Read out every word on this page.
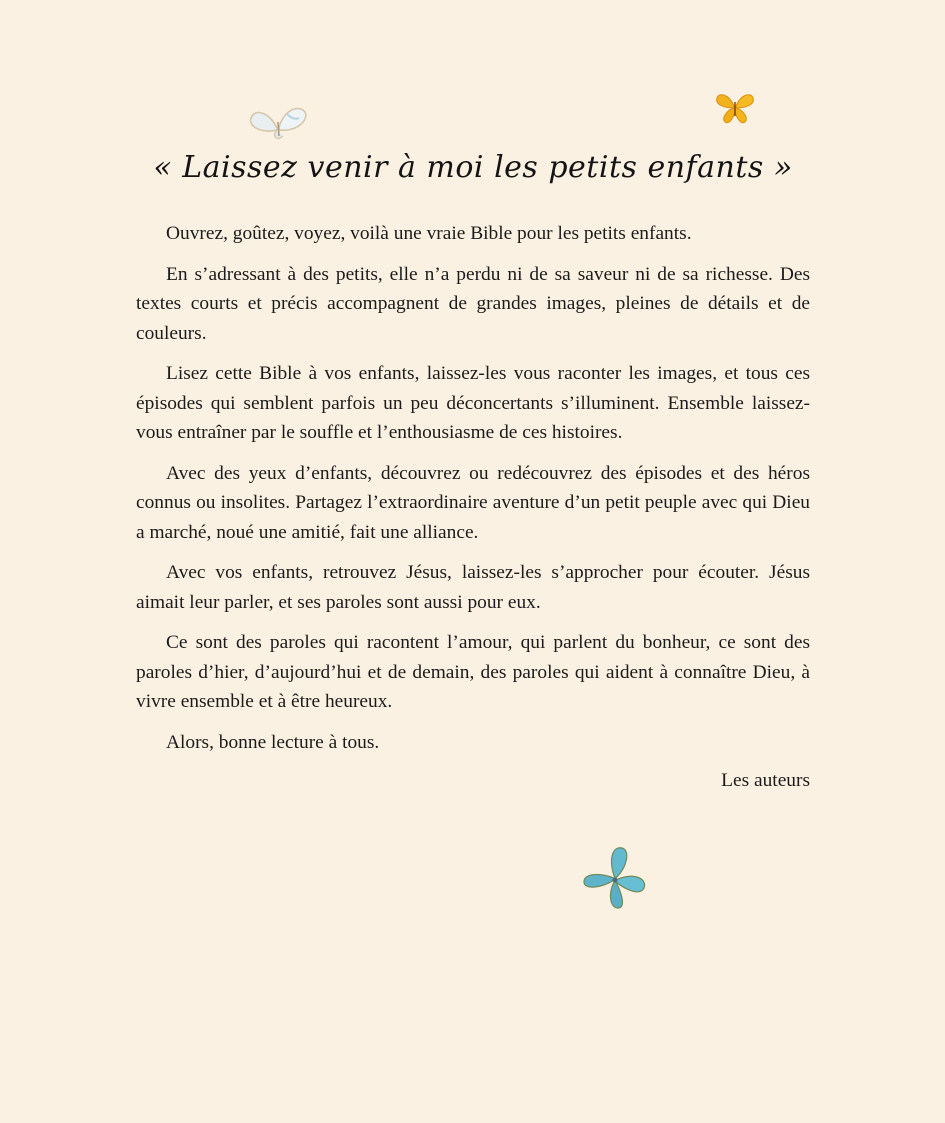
« Laissez venir à moi les petits enfants »

Ouvrez, goûtez, voyez, voilà une vraie Bible pour les petits enfants.

En s’adressant à des petits, elle n’a perdu ni de sa saveur ni de sa richesse. Des textes courts et précis accompagnent de grandes images, pleines de détails et de couleurs.

Lisez cette Bible à vos enfants, laissez-les vous raconter les images, et tous ces épisodes qui semblent parfois un peu déconcertants s’illuminent. Ensemble laissez-vous entraîner par le souffle et l’enthousiasme de ces histoires.

Avec des yeux d’enfants, découvrez ou redécouvrez des épisodes et des héros connus ou insolites. Partagez l’extraordinaire aventure d’un petit peuple avec qui Dieu a marché, noué une amitié, fait une alliance.

Avec vos enfants, retrouvez Jésus, laissez-les s’approcher pour écouter. Jésus aimait leur parler, et ses paroles sont aussi pour eux.

Ce sont des paroles qui racontent l’amour, qui parlent du bonheur, ce sont des paroles d’hier, d’aujourd’hui et de demain, des paroles qui aident à connaître Dieu, à vivre ensemble et à être heureux.

Alors, bonne lecture à tous.

Les auteurs
